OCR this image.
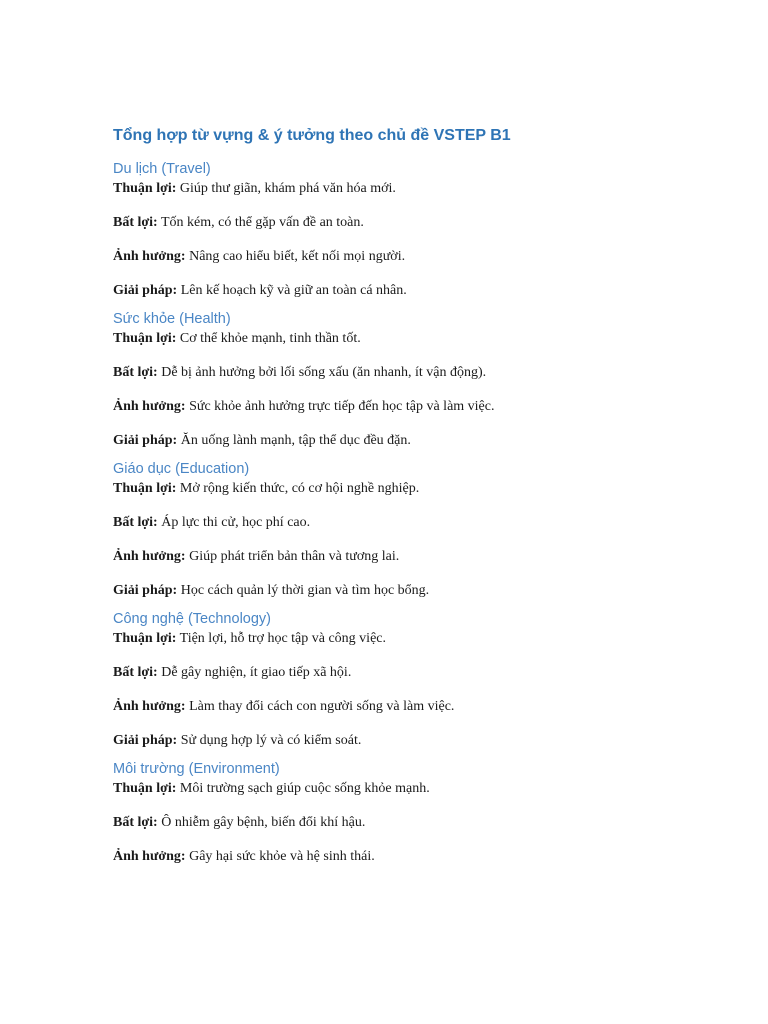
Tổng hợp từ vựng & ý tưởng theo chủ đề VSTEP B1
Du lịch (Travel)

Thuận lợi: Giúp thư giãn, khám phá văn hóa mới.

Bất lợi: Tốn kém, có thể gặp vấn đề an toàn.

Ảnh hưởng: Nâng cao hiểu biết, kết nối mọi người.

Giải pháp: Lên kế hoạch kỹ và giữ an toàn cá nhân.

Sức khỏe (Health)

Thuận lợi: Cơ thể khỏe mạnh, tinh thần tốt.

Bất lợi: Dễ bị ảnh hưởng bởi lối sống xấu (ăn nhanh, ít vận động).

Ảnh hưởng: Sức khỏe ảnh hưởng trực tiếp đến học tập và làm việc.

Giải pháp: Ăn uống lành mạnh, tập thể dục đều đặn.

Giáo dục (Education)

Thuận lợi: Mở rộng kiến thức, có cơ hội nghề nghiệp.

Bất lợi: Áp lực thi cử, học phí cao.

Ảnh hưởng: Giúp phát triển bản thân và tương lai.

Giải pháp: Học cách quản lý thời gian và tìm học bổng.

Công nghệ (Technology)

Thuận lợi: Tiện lợi, hỗ trợ học tập và công việc.

Bất lợi: Dễ gây nghiện, ít giao tiếp xã hội.

Ảnh hưởng: Làm thay đổi cách con người sống và làm việc.

Giải pháp: Sử dụng hợp lý và có kiểm soát.

Môi trường (Environment)

Thuận lợi: Môi trường sạch giúp cuộc sống khỏe mạnh.

Bất lợi: Ô nhiễm gây bệnh, biến đổi khí hậu.

Ảnh hưởng: Gây hại sức khỏe và hệ sinh thái.
